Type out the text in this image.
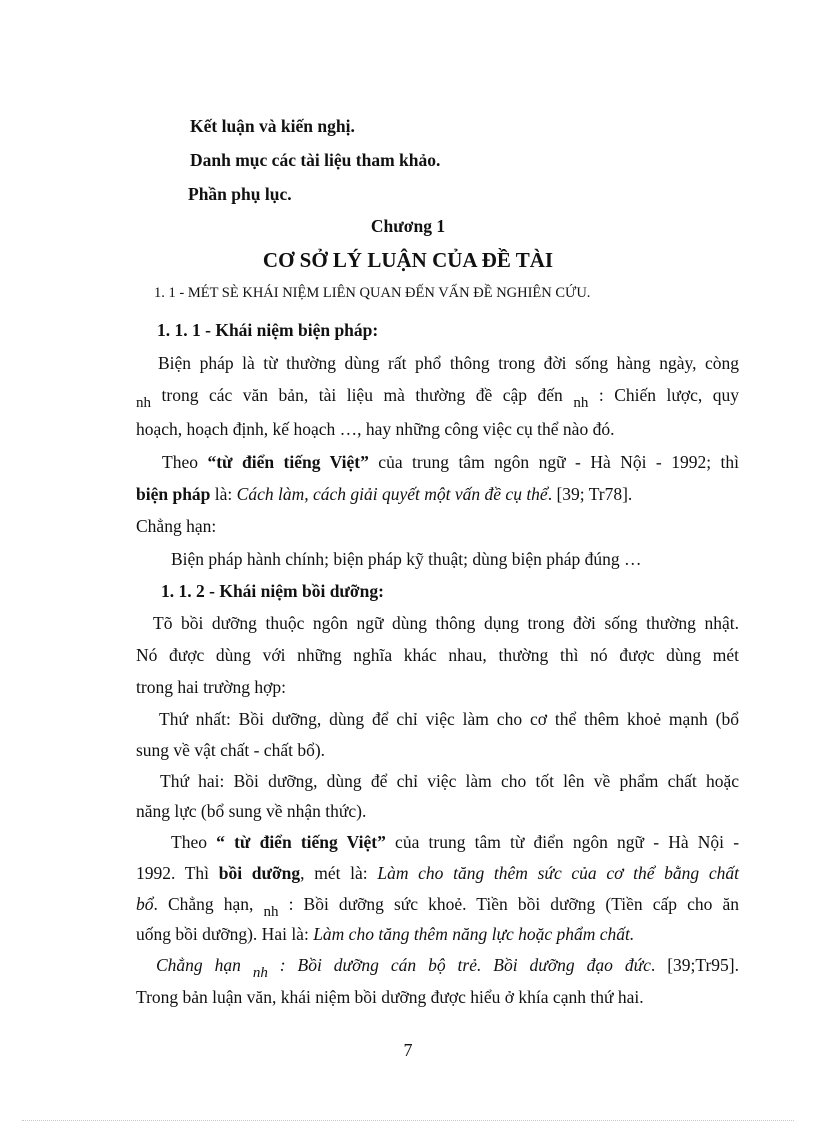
Kết luận và kiến nghị.
Danh mục các tài liệu tham khảo.
Phần phụ lục.
Chương 1
CƠ SỞ LÝ LUẬN CỦA ĐỀ TÀI
1. 1 - MÉT SÈ KHÁI NIỆM LIÊN QUAN ĐẾN VẤN ĐỀ NGHIÊN CỨU.
1. 1. 1 - Khái niệm biện pháp:
Biện pháp là từ thường dùng rất phổ thông trong đời sống hàng ngày, còng
nh trong các văn bản, tài liệu mà thường đề cập đến nh : Chiến lược, quy
hoạch, hoạch định, kế hoạch …, hay những công việc cụ thể nào đó.
Theo “từ điển tiếng Việt” của trung tâm ngôn ngữ - Hà Nội - 1992; thì
biện pháp là: Cách làm, cách giải quyết một vấn đề cụ thể. [39; Tr78].
Chẳng hạn:
Biện pháp hành chính; biện pháp kỹ thuật; dùng biện pháp đúng …
1. 1. 2 - Khái niệm bồi dưỡng:
Tõ bồi dưỡng thuộc ngôn ngữ dùng thông dụng trong đời sống thường nhật.
Nó được dùng với những nghĩa khác nhau, thường thì nó được dùng mét
trong hai trường hợp:
Thứ nhất: Bồi dưỡng, dùng để chỉ việc làm cho cơ thể thêm khoẻ mạnh (bổ
sung về vật chất - chất bổ).
Thứ hai: Bồi dưỡng, dùng để chỉ việc làm cho tốt lên về phẩm chất hoặc
năng lực (bổ sung về nhận thức).
Theo “ từ điển tiếng Việt” của trung tâm từ điển ngôn ngữ - Hà Nội -
1992. Thì bồi dưỡng, mét là: Làm cho tăng thêm sức của cơ thể bằng chất
bổ. Chẳng hạn, nh : Bồi dưỡng sức khoẻ. Tiền bồi dưỡng (Tiền cấp cho ăn
uống bồi dưỡng). Hai là: Làm cho tăng thêm năng lực hoặc phẩm chất.
Chẳng hạn nh : Bồi dưỡng cán bộ trẻ. Bồi dưỡng đạo đức. [39;Tr95].
Trong bản luận văn, khái niệm bồi dưỡng được hiểu ở khía cạnh thứ hai.
7
